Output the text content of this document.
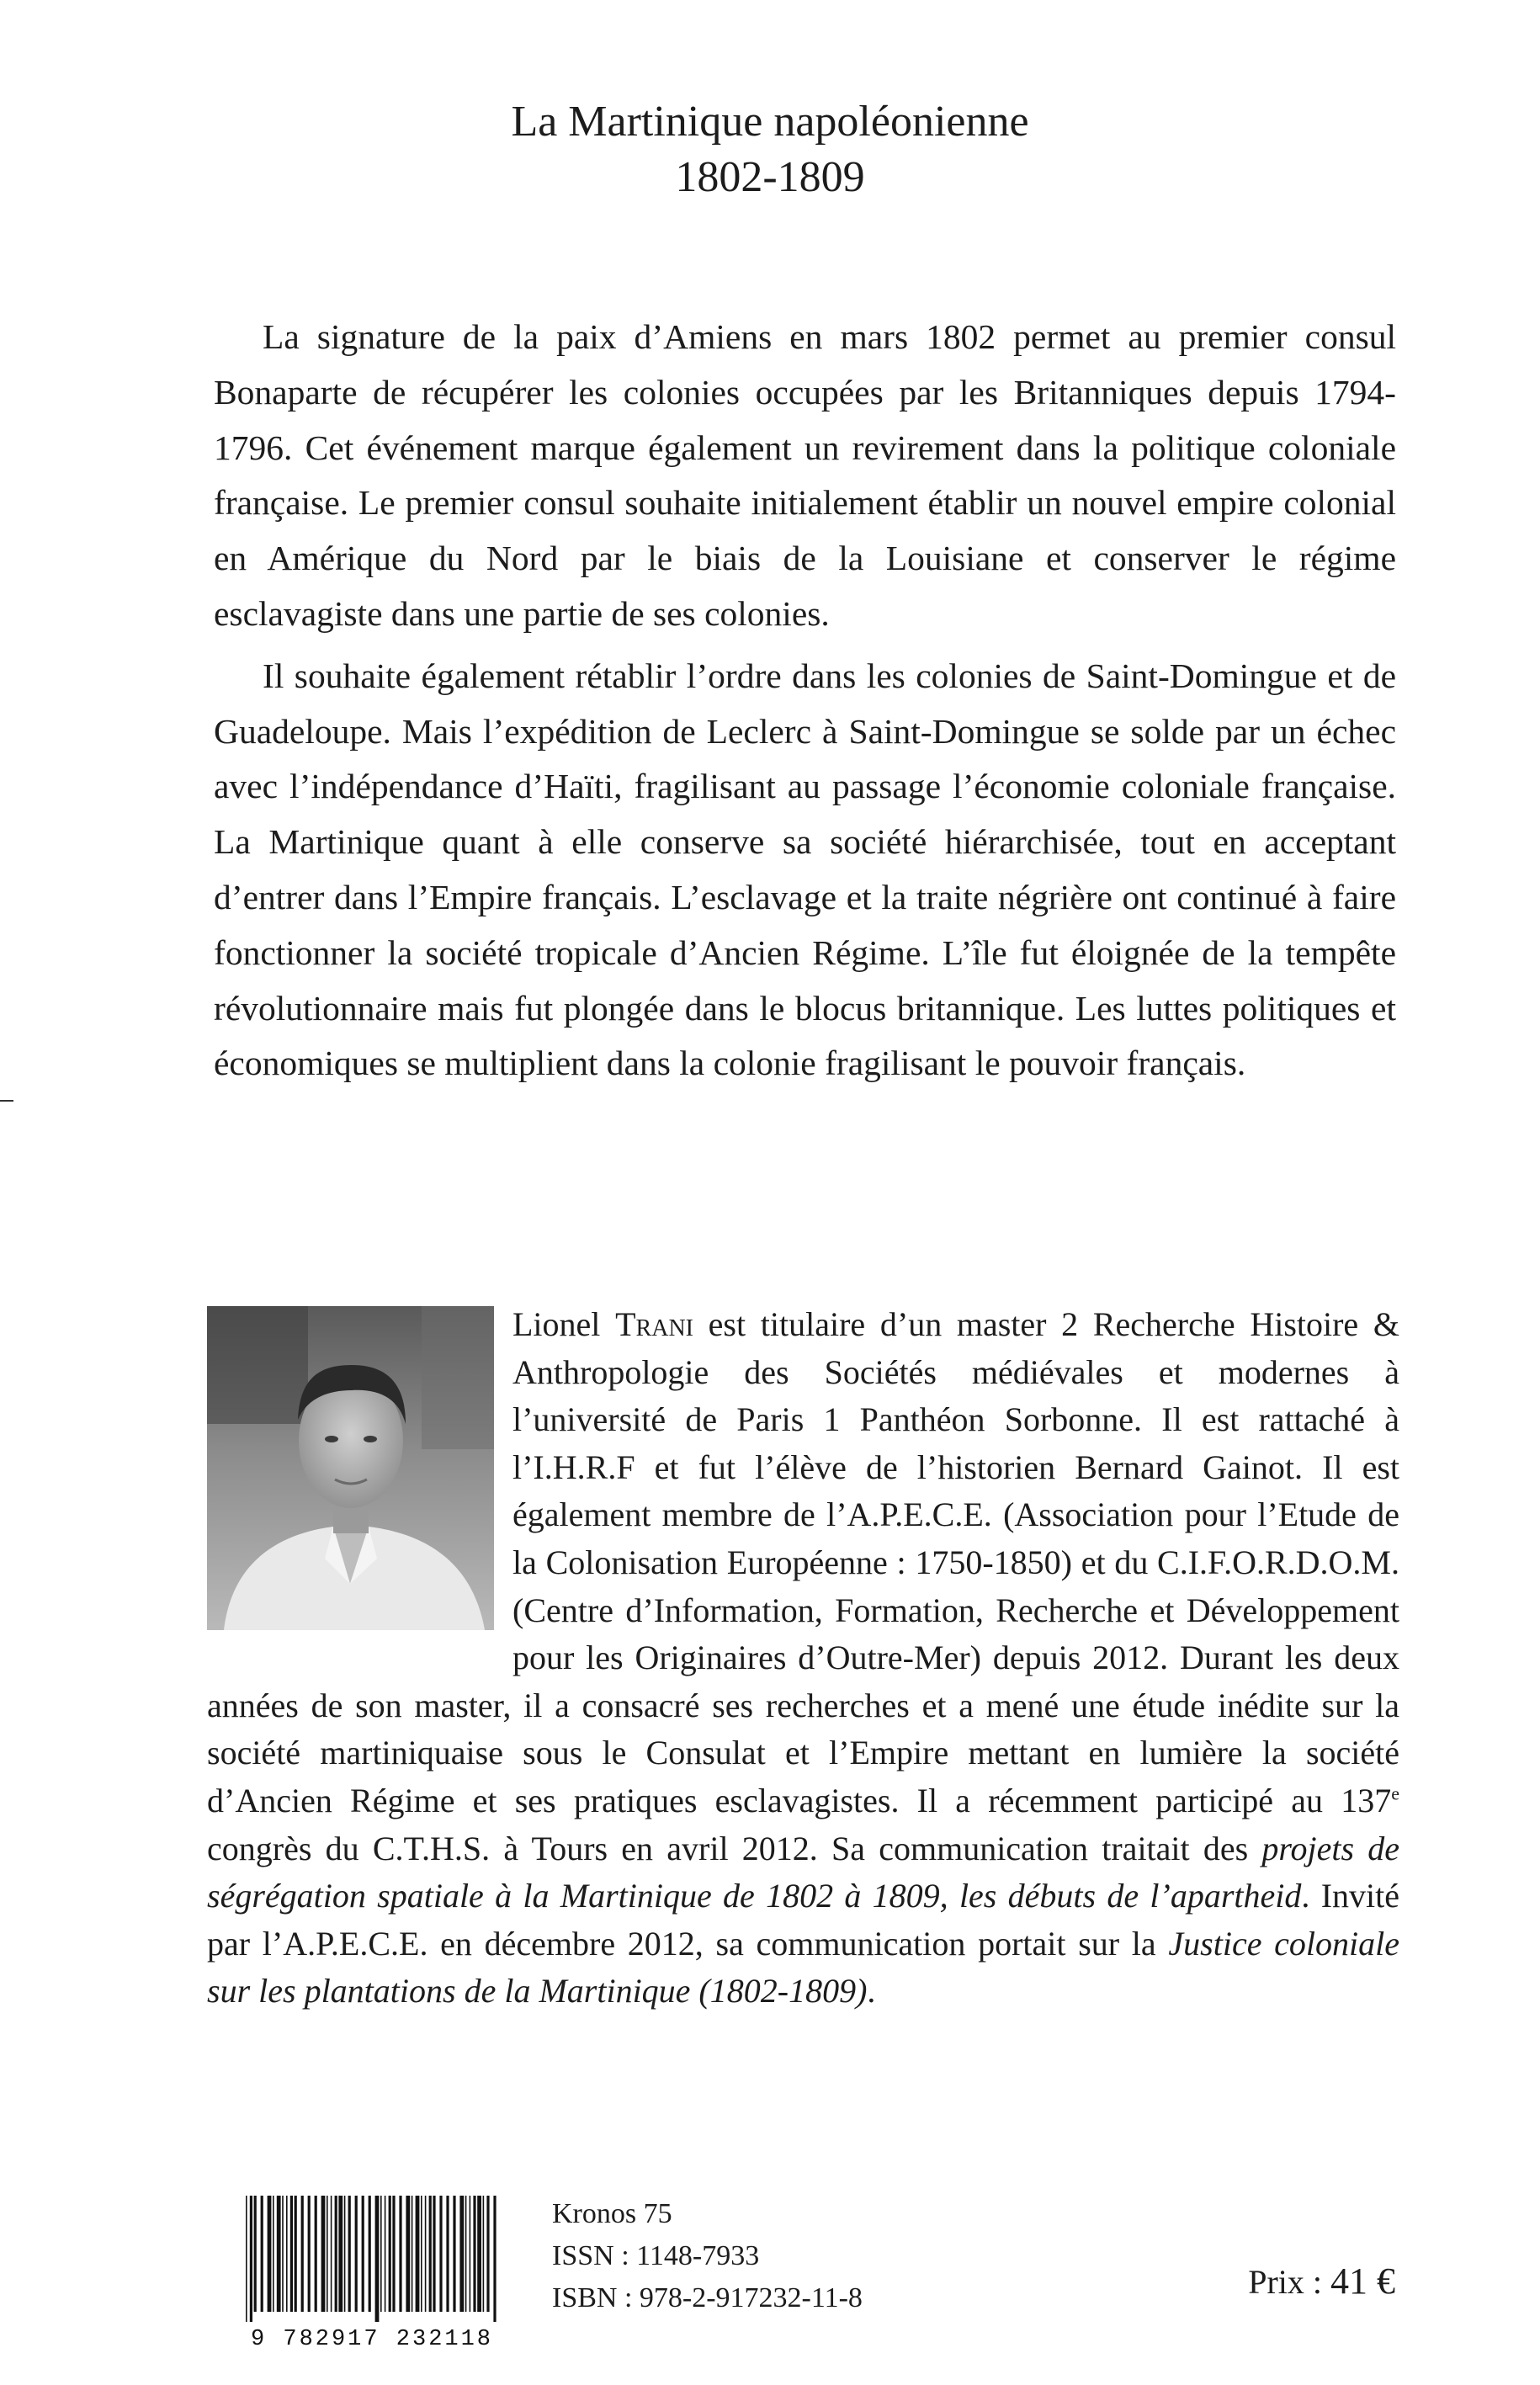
La Martinique napoléonienne
1802-1809

La signature de la paix d’Amiens en mars 1802 permet au premier consul Bonaparte de récupérer les colonies occupées par les Britanniques depuis 1794-1796. Cet événement marque également un revirement dans la politique coloniale française. Le premier consul souhaite initialement établir un nouvel empire colonial en Amérique du Nord par le biais de la Louisiane et conserver le régime esclavagiste dans une partie de ses colonies.

Il souhaite également rétablir l’ordre dans les colonies de Saint-Domingue et de Guadeloupe. Mais l’expédition de Leclerc à Saint-Domingue se solde par un échec avec l’indépendance d’Haïti, fragilisant au passage l’économie coloniale française. La Martinique quant à elle conserve sa société hiérarchisée, tout en acceptant d’entrer dans l’Empire français. L’esclavage et la traite négrière ont continué à faire fonctionner la société tropicale d’Ancien Régime. L’île fut éloignée de la tempête révolutionnaire mais fut plongée dans le blocus britannique. Les luttes politiques et économiques se multiplient dans la colonie fragilisant le pouvoir français.

Lionel Trani est titulaire d’un master 2 Recherche Histoire & Anthropologie des Sociétés médiévales et modernes à l’université de Paris 1 Panthéon Sorbonne. Il est rattaché à l’I.H.R.F et fut l’élève de l’historien Bernard Gainot. Il est également membre de l’A.P.E.C.E. (Association pour l’Etude de la Colonisation Européenne : 1750-1850) et du C.I.F.O.R.D.O.M. (Centre d’Information, Formation, Recherche et Développement pour les Originaires d’Outre-Mer) depuis 2012. Durant les deux années de son master, il a consacré ses recherches et a mené une étude inédite sur la société martiniquaise sous le Consulat et l’Empire mettant en lumière la société d’Ancien Régime et ses pratiques esclavagistes. Il a récemment participé au 137e congrès du C.T.H.S. à Tours en avril 2012. Sa communication traitait des projets de ségrégation spatiale à la Martinique de 1802 à 1809, les débuts de l’apartheid. Invité par l’A.P.E.C.E. en décembre 2012, sa communication portait sur la Justice coloniale sur les plantations de la Martinique (1802-1809).
9 782917 232118
Kronos 75
ISSN : 1148-7933
ISBN : 978-2-917232-11-8	Prix : 41 €
